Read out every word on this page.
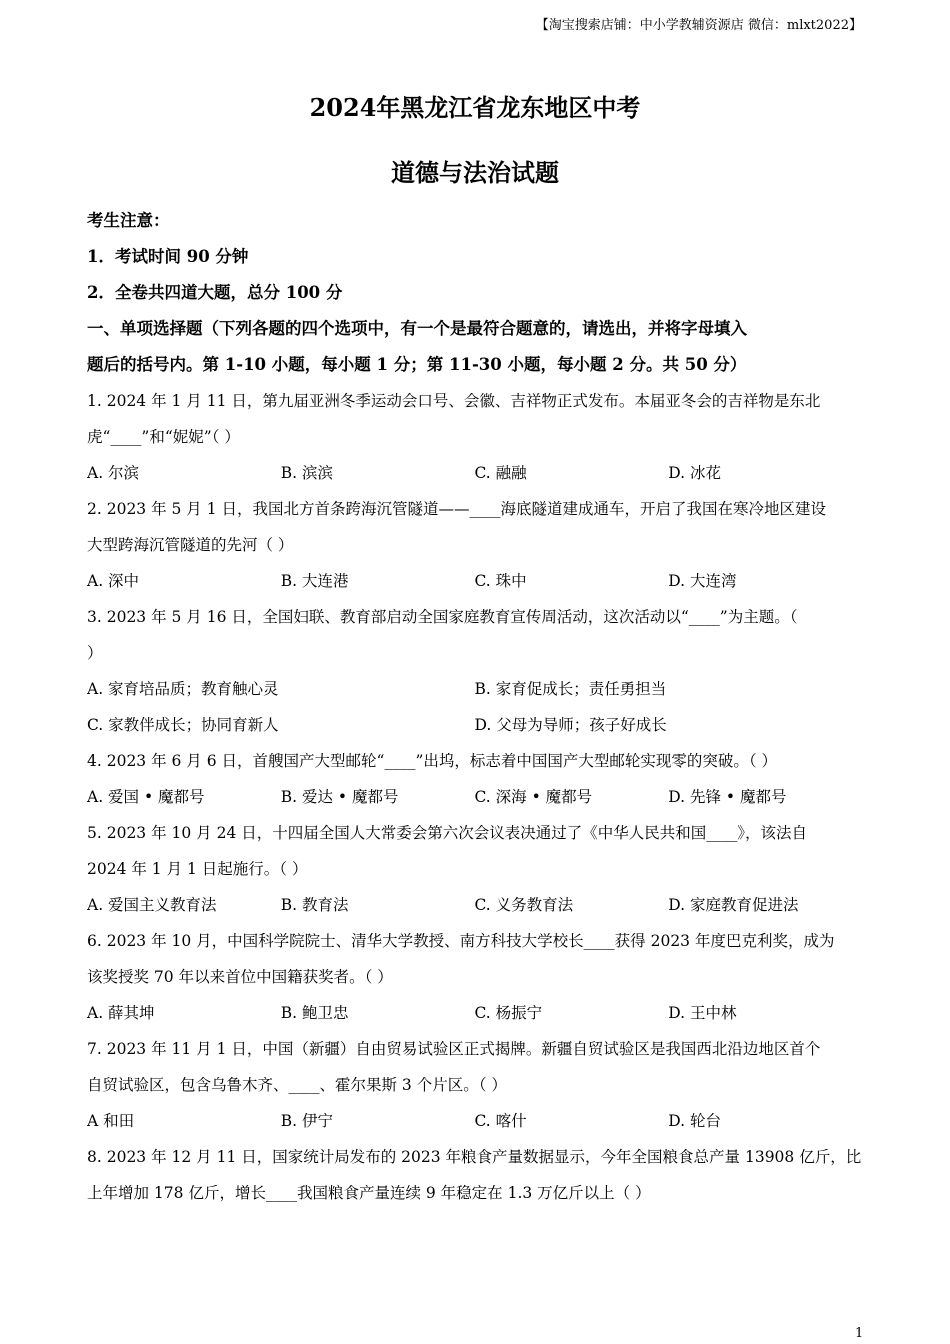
【淘宝搜索店铺：中小学教辅资源店 微信：mlxt2022】
2024年黑龙江省龙东地区中考
道德与法治试题
考生注意：
1．考试时间 90 分钟
2．全卷共四道大题，总分 100 分
一、单项选择题（下列各题的四个选项中，有一个是最符合题意的，请选出，并将字母填入
题后的括号内。第 1-10 小题，每小题 1 分；第 11-30 小题，每小题 2 分。共 50 分）
1. 2024 年 1 月 11 日，第九届亚洲冬季运动会口号、会徽、吉祥物正式发布。本届亚冬会的吉祥物是东北
虎“____”和“妮妮”（ ）
A. 尔滨	B. 滨滨	C. 融融	D. 冰花
2. 2023 年 5 月 1 日，我国北方首条跨海沉管隧道——____海底隧道建成通车，开启了我国在寒冷地区建设
大型跨海沉管隧道的先河（ ）
A. 深中	B. 大连港	C. 珠中	D. 大连湾
3. 2023 年 5 月 16 日，全国妇联、教育部启动全国家庭教育宣传周活动，这次活动以“____”为主题。（
）
A. 家育培品质；教育触心灵	B. 家育促成长；责任勇担当
C. 家教伴成长；协同育新人	D. 父母为导师；孩子好成长
4. 2023 年 6 月 6 日，首艘国产大型邮轮“____”出坞，标志着中国国产大型邮轮实现零的突破。（ ）
A. 爱国 • 魔都号	B. 爱达 • 魔都号	C. 深海 • 魔都号	D. 先锋 • 魔都号
5. 2023 年 10 月 24 日，十四届全国人大常委会第六次会议表决通过了《中华人民共和国____》，该法自
2024 年 1 月 1 日起施行。（ ）
A. 爱国主义教育法	B. 教育法	C. 义务教育法	D. 家庭教育促进法
6. 2023 年 10 月，中国科学院院士、清华大学教授、南方科技大学校长____获得 2023 年度巴克利奖，成为
该奖授奖 70 年以来首位中国籍获奖者。（ ）
A. 薛其坤	B. 鲍卫忠	C. 杨振宁	D. 王中林
7. 2023 年 11 月 1 日，中国（新疆）自由贸易试验区正式揭牌。新疆自贸试验区是我国西北沿边地区首个
自贸试验区，包含乌鲁木齐、____、霍尔果斯 3 个片区。（ ）
A 和田	B. 伊宁	C. 喀什	D. 轮台
8. 2023 年 12 月 11 日，国家统计局发布的 2023 年粮食产量数据显示，今年全国粮食总产量 13908 亿斤，比
上年增加 178 亿斤，增长____我国粮食产量连续 9 年稳定在 1.3 万亿斤以上（ ）
1
